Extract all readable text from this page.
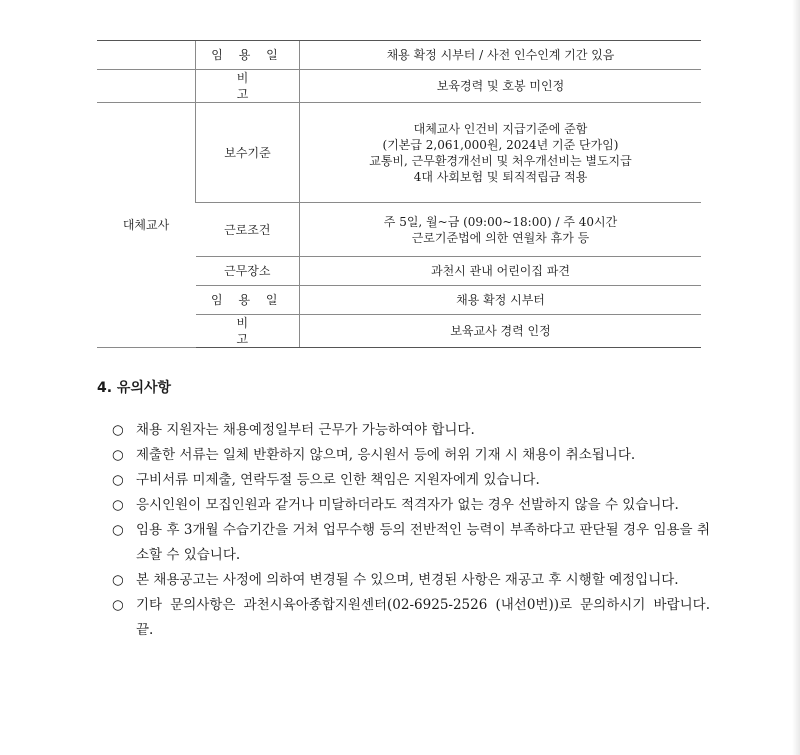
	임 용 일	채용 확정 시부터 / 사전 인수인계 기간 있음
	비 고	보육경력 및 호봉 미인정
대체교사	보수기준	대체교사 인건비 지급기준에 준함
(기본급 2,061,000원, 2024년 기준 단가임)
교통비, 근무환경개선비 및 처우개선비는 별도지급
4대 사회보험 및 퇴직적립금 적용

	근로조건	주 5일, 월~금 (09:00~18:00) / 주 40시간
근로기준법에 의한 연월차 휴가 등

	근무장소	과천시 관내 어린이집 파견
	임 용 일	채용 확정 시부터
	비 고	보육교사 경력 인정
4. 유의사항
○ 채용 지원자는 채용예정일부터 근무가 가능하여야 합니다.
○ 제출한 서류는 일체 반환하지 않으며, 응시원서 등에 허위 기재 시 채용이 취소됩니다.
○ 구비서류 미제출, 연락두절 등으로 인한 책임은 지원자에게 있습니다.
○ 응시인원이 모집인원과 같거나 미달하더라도 적격자가 없는 경우 선발하지 않을 수 있습니다.
○ 임용 후 3개월 수습기간을 거쳐 업무수행 등의 전반적인 능력이 부족하다고 판단될 경우 임용을 취소할 수 있습니다.
○ 본 채용공고는 사정에 의하여 변경될 수 있으며, 변경된 사항은 재공고 후 시행할 예정입니다.
○ 기타 문의사항은 과천시육아종합지원센터(02-6925-2526 (내선0번))로 문의하시기 바랍니다. 끝.
